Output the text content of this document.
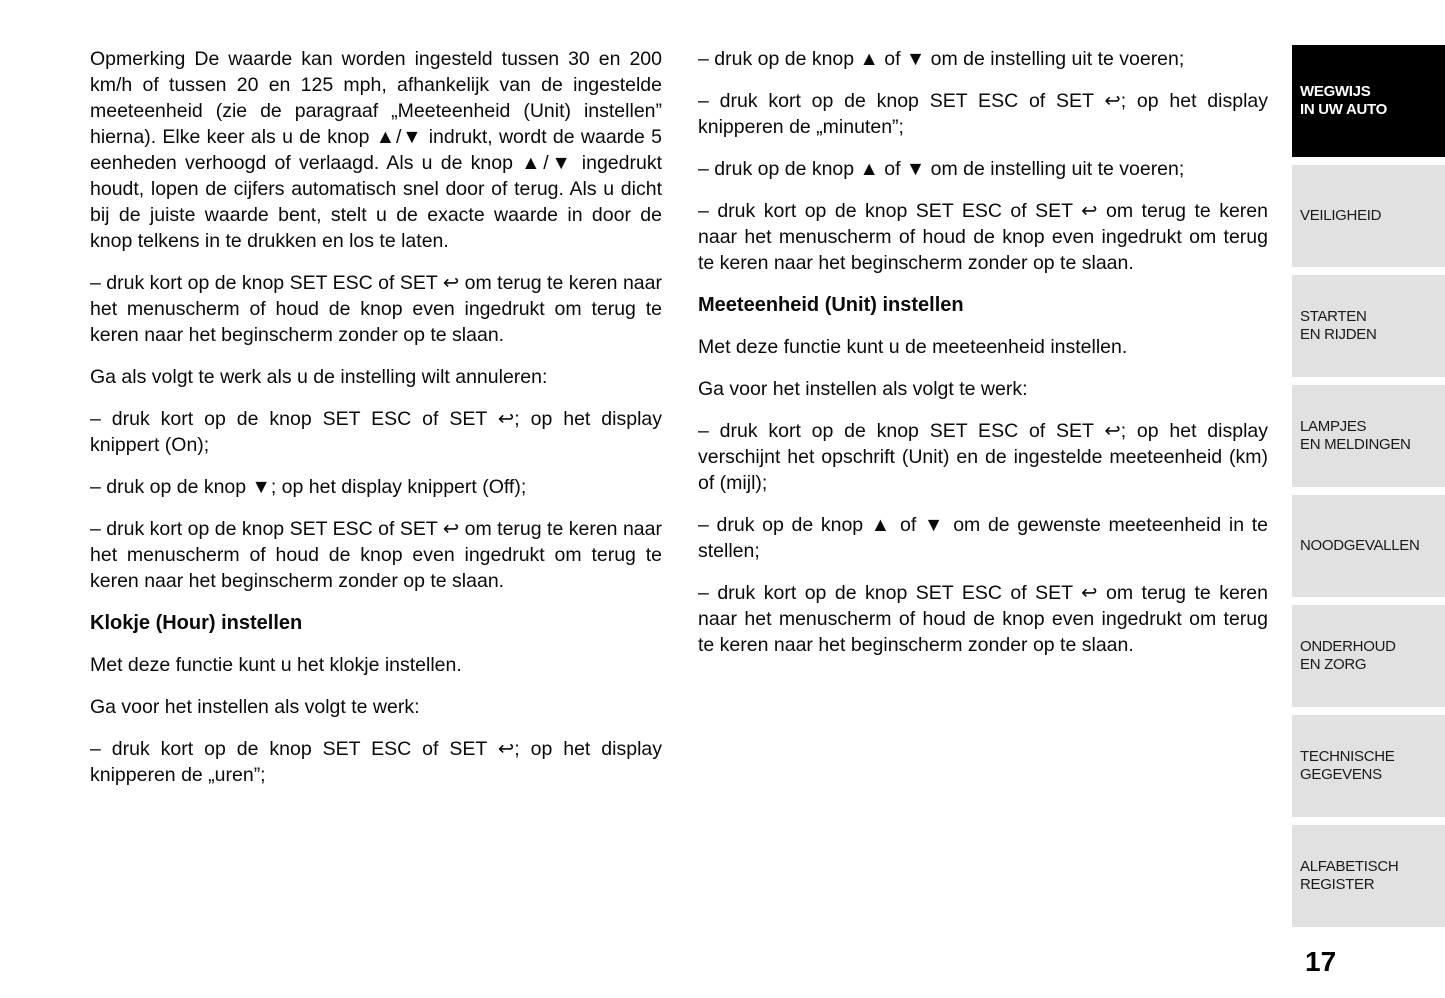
Opmerking De waarde kan worden ingesteld tussen 30 en 200 km/h of tussen 20 en 125 mph, afhankelijk van de ingestelde meeteenheid (zie de paragraaf „Meeteenheid (Unit) instellen” hierna). Elke keer als u de knop ▲/▼ indrukt, wordt de waarde 5 eenheden verhoogd of verlaagd. Als u de knop ▲/▼ ingedrukt houdt, lopen de cijfers automatisch snel door of terug. Als u dicht bij de juiste waarde bent, stelt u de exacte waarde in door de knop telkens in te drukken en los te laten.

– druk kort op de knop SET ESC of SET ↩ om terug te keren naar het menuscherm of houd de knop even ingedrukt om terug te keren naar het beginscherm zonder op te slaan.

Ga als volgt te werk als u de instelling wilt annuleren:

– druk kort op de knop SET ESC of SET ↩; op het display knippert (On);

– druk op de knop ▼; op het display knippert (Off);

– druk kort op de knop SET ESC of SET ↩ om terug te keren naar het menuscherm of houd de knop even ingedrukt om terug te keren naar het beginscherm zonder op te slaan.

Klokje (Hour) instellen

Met deze functie kunt u het klokje instellen.

Ga voor het instellen als volgt te werk:

– druk kort op de knop SET ESC of SET ↩; op het display knipperen de „uren”;

– druk op de knop ▲ of ▼ om de instelling uit te voeren;

– druk kort op de knop SET ESC of SET ↩; op het display knipperen de „minuten”;

– druk op de knop ▲ of ▼ om de instelling uit te voeren;

– druk kort op de knop SET ESC of SET ↩ om terug te keren naar het menuscherm of houd de knop even ingedrukt om terug te keren naar het beginscherm zonder op te slaan.

Meeteenheid (Unit) instellen

Met deze functie kunt u de meeteenheid instellen.

Ga voor het instellen als volgt te werk:

– druk kort op de knop SET ESC of SET ↩; op het display verschijnt het opschrift (Unit) en de ingestelde meeteenheid (km) of (mijl);

– druk op de knop ▲ of ▼ om de gewenste meeteenheid in te stellen;

– druk kort op de knop SET ESC of SET ↩ om terug te keren naar het menuscherm of houd de knop even ingedrukt om terug te keren naar het beginscherm zonder op te slaan.

WEGWIJS
IN UW AUTO
VEILIGHEID
STARTEN
EN RIJDEN
LAMPJES
EN MELDINGEN
NOODGEVALLEN
ONDERHOUD
EN ZORG
TECHNISCHE
GEGEVENS
ALFABETISCH
REGISTER
17
